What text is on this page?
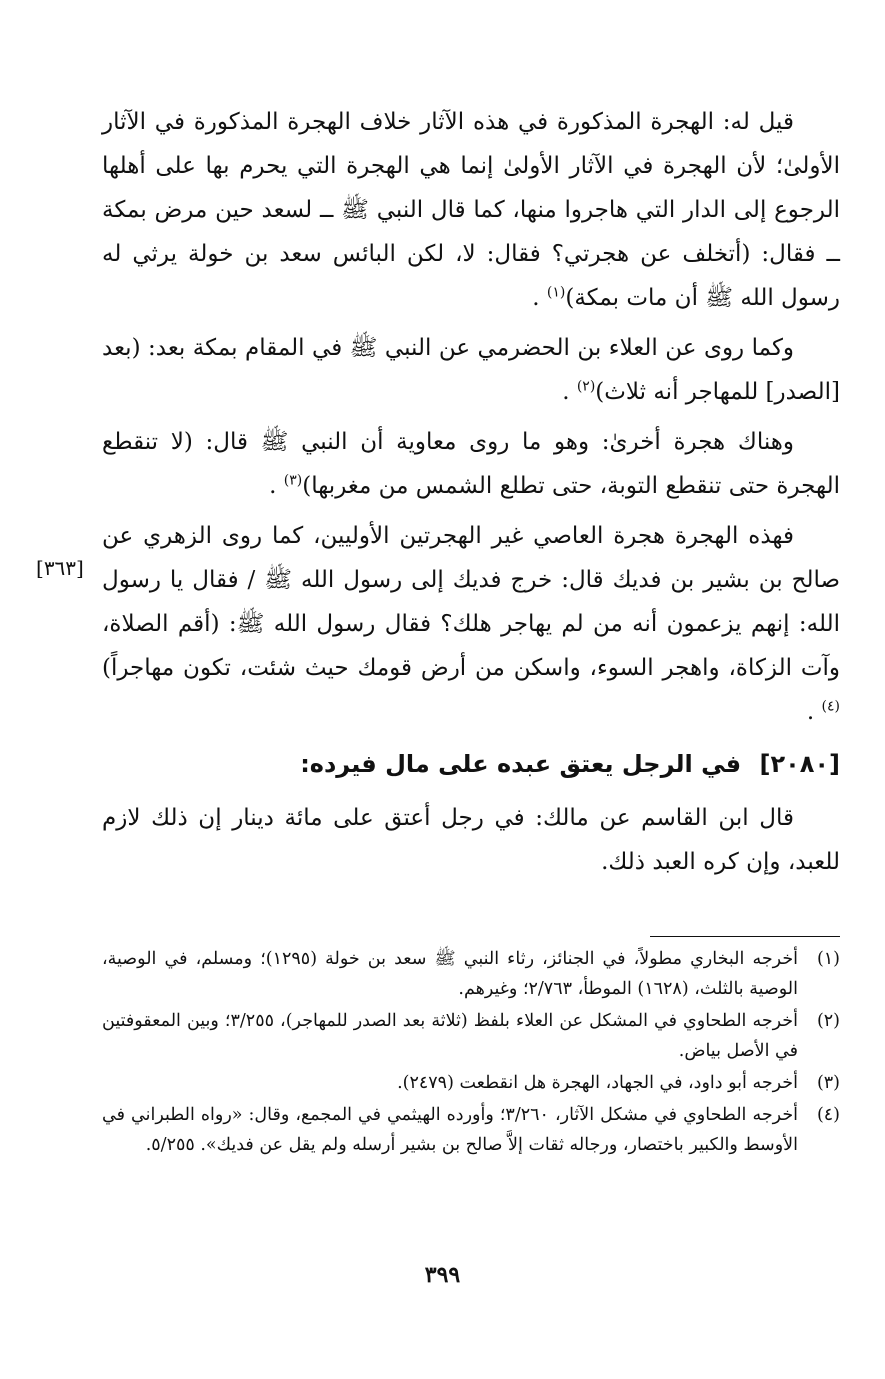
قيل له: الهجرة المذكورة في هذه الآثار خلاف الهجرة المذكورة في الآثار الأولىٰ؛ لأن الهجرة في الآثار الأولىٰ إنما هي الهجرة التي يحرم بها على أهلها الرجوع إلى الدار التي هاجروا منها، كما قال النبي ﷺ ــ لسعد حين مرض بمكة ــ فقال: (أتخلف عن هجرتي؟ فقال: لا، لكن البائس سعد بن خولة يرثي له رسول الله ﷺ أن مات بمكة)$^{(١)}$ .

وكما روى عن العلاء بن الحضرمي عن النبي ﷺ في المقام بمكة بعد: (بعد [الصدر] للمهاجر أنه ثلاث)$^{(٢)}$ .

وهناك هجرة أخرىٰ: وهو ما روى معاوية أن النبي ﷺ قال: (لا تنقطع الهجرة حتى تنقطع التوبة، حتى تطلع الشمس من مغربها)$^{(٣)}$ .

فهذه الهجرة هجرة العاصي غير الهجرتين الأوليين، كما روى الزهري عن صالح بن بشير بن فديك قال: خرج فديك إلى رسول الله ﷺ / فقال يا رسول الله: إنهم يزعمون أنه من لم يهاجر هلك؟ فقال رسول الله ﷺ: (أقم الصلاة، وآت الزكاة، واهجر السوء، واسكن من أرض قومك حيث شئت، تكون مهاجراً)$^{(٤)}$ .

[٢٠٨٠] في الرجل يعتق عبده على مال فيرده:

قال ابن القاسم عن مالك: في رجل أعتق على مائة دينار إن ذلك لازم للعبد، وإن كره العبد ذلك.

[٣٦٣]
(١)
أخرجه البخاري مطولاً، في الجنائز، رثاء النبي ﷺ سعد بن خولة (١٢٩٥)؛ ومسلم، في الوصية، الوصية بالثلث، (١٦٢٨) الموطأ، ٢/٧٦٣؛ وغيرهم.
(٢)
أخرجه الطحاوي في المشكل عن العلاء بلفظ (ثلاثة بعد الصدر للمهاجر)، ٣/٢٥٥؛ وبين المعقوفتين في الأصل بياض.
(٣)
أخرجه أبو داود، في الجهاد، الهجرة هل انقطعت (٢٤٧٩).
(٤)
أخرجه الطحاوي في مشكل الآثار، ٣/٢٦٠؛ وأورده الهيثمي في المجمع، وقال: «رواه الطبراني في الأوسط والكبير باختصار، ورجاله ثقات إلاَّ صالح بن بشير أرسله ولم يقل عن فديك». ٥/٢٥٥.
٣٩٩
